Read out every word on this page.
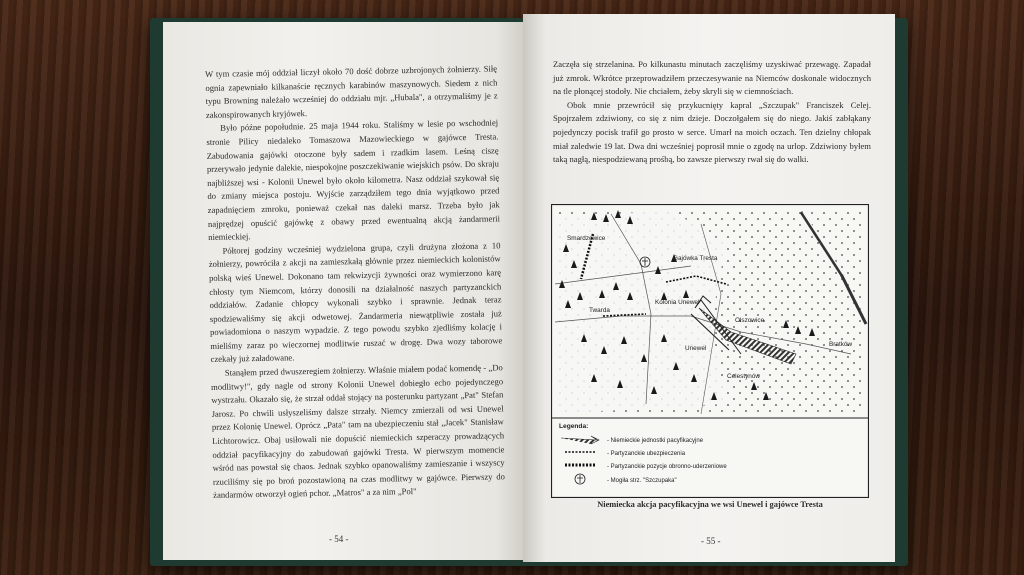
W tym czasie mój oddział liczył około 70 dość dobrze uzbrojonych żołnierzy. Siłę ognia zapewniało kilkanaście ręcznych karabinów maszynowych. Siedem z nich typu Browning należało wcześniej do oddziału mjr. „Hubala", a otrzymaliśmy je z zakonspirowanych kryjówek.

Było późne popołudnie. 25 maja 1944 roku. Staliśmy w lesie po wschodniej stronie Pilicy niedaleko Tomaszowa Mazowieckiego w gajówce Tresta. Zabudowania gajówki otoczone były sadem i rzadkim lasem. Leśną ciszę przerywało jedynie dalekie, niespokojne poszczekiwanie wiejskich psów. Do skraju najbliższej wsi - Kolonii Unewel było około kilometra. Nasz oddział szykował się do zmiany miejsca postoju. Wyjście zarządziłem tego dnia wyjątkowo przed zapadnięciem zmroku, ponieważ czekał nas daleki marsz. Trzeba było jak najprędzej opuścić gajówkę z obawy przed ewentualną akcją żandarmerii niemieckiej.

Półtorej godziny wcześniej wydzielona grupa, czyli drużyna złożona z 10 żołnierzy, powróciła z akcji na zamieszkałą głównie przez niemieckich kolonistów polską wieś Unewel. Dokonano tam rekwizycji żywności oraz wymierzono karę chłosty tym Niemcom, którzy donosili na działalność naszych partyzanckich oddziałów. Zadanie chłopcy wykonali szybko i sprawnie. Jednak teraz spodziewaliśmy się akcji odwetowej. Żandarmeria niewątpliwie została już powiadomiona o naszym wypadzie. Z tego powodu szybko zjedliśmy kolację i mieliśmy zaraz po wieczornej modlitwie ruszać w drogę. Dwa wozy taborowe czekały już załadowane.

Stanąłem przed dwuszeregiem żołnierzy. Właśnie miałem podać komendę - „Do modlitwy!", gdy nagle od strony Kolonii Unewel dobiegło echo pojedynczego wystrzału. Okazało się, że strzał oddał stojący na posterunku partyzant „Pat" Stefan Jarosz. Po chwili usłyszeliśmy dalsze strzały. Niemcy zmierzali od wsi Unewel przez Kolonię Unewel. Oprócz „Pata" tam na ubezpieczeniu stał „Jacek" Stanisław Lichtorowicz. Obaj usiłowali nie dopuścić niemieckich szperaczy prowadzących oddział pacyfikacyjny do zabudowań gajówki Tresta. W pierwszym momencie wśród nas powstał się chaos. Jednak szybko opanowaliśmy zamieszanie i wszyscy rzuciliśmy się po broń pozostawioną na czas modlitwy w gajówce. Pierwszy do żandarmów otworzył ogień pchor. „Matros" a za nim „Pol"

- 54 -

Zaczęła się strzelanina. Po kilkunastu minutach zaczęliśmy uzyskiwać przewagę. Zapadał już zmrok. Wkrótce przeprowadziłem przeczesywanie na Niemców doskonale widocznych na tle płonącej stodoły. Nie chciałem, żeby skryli się w ciemnościach.

Obok mnie przewrócił się przykucnięty kapral „Szczupak" Franciszek Celej. Spojrzałem zdziwiony, co się z nim dzieje. Doczołgałem się do niego. Jakiś zabłąkany pojedynczy pocisk trafił go prosto w serce. Umarł na moich oczach. Ten dzielny chłopak miał zaledwie 19 lat. Dwa dni wcześniej poprosił mnie o zgodę na urlop. Zdziwiony byłem taką nagłą, niespodziewaną prośbą, bo zawsze pierwszy rwał się do walki.

Smardzowice
Gajówka Tresta
Kolonia Unewel
Twarda
Olszowice
Unewel
Bratków
Celestynów
Legenda:
- Niemieckie jednostki pacyfikacyjne
- Partyzanckie ubezpieczenia
- Partyzanckie pozycje obronno-uderzeniowe
- Mogiła strz. "Szczupaka"
Niemiecka akcja pacyfikacyjna we wsi Unewel i gajówce Tresta
- 55 -
